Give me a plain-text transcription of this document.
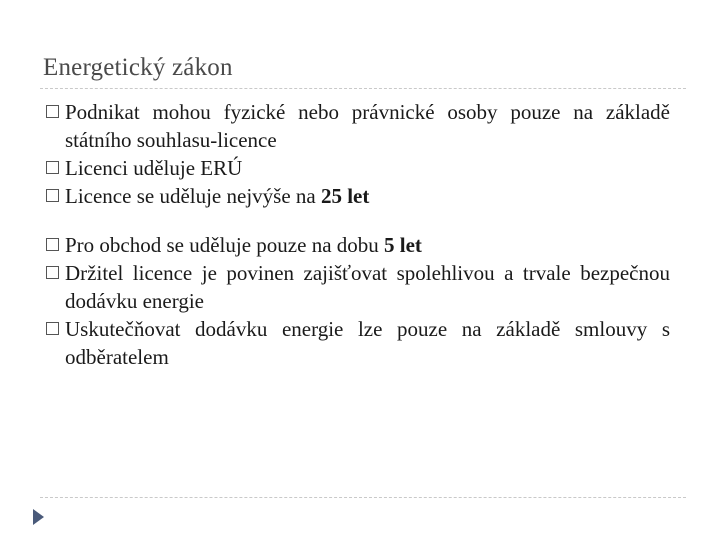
Energetický zákon
Podnikat mohou fyzické nebo právnické osoby pouze na základě státního souhlasu-licence
Licenci uděluje ERÚ
Licence se uděluje nejvýše na 25 let
Pro obchod se uděluje pouze na dobu 5 let
Držitel licence je povinen zajišťovat spolehlivou a trvale bezpečnou dodávku energie
Uskutečňovat dodávku energie lze pouze na základě smlouvy s odběratelem
